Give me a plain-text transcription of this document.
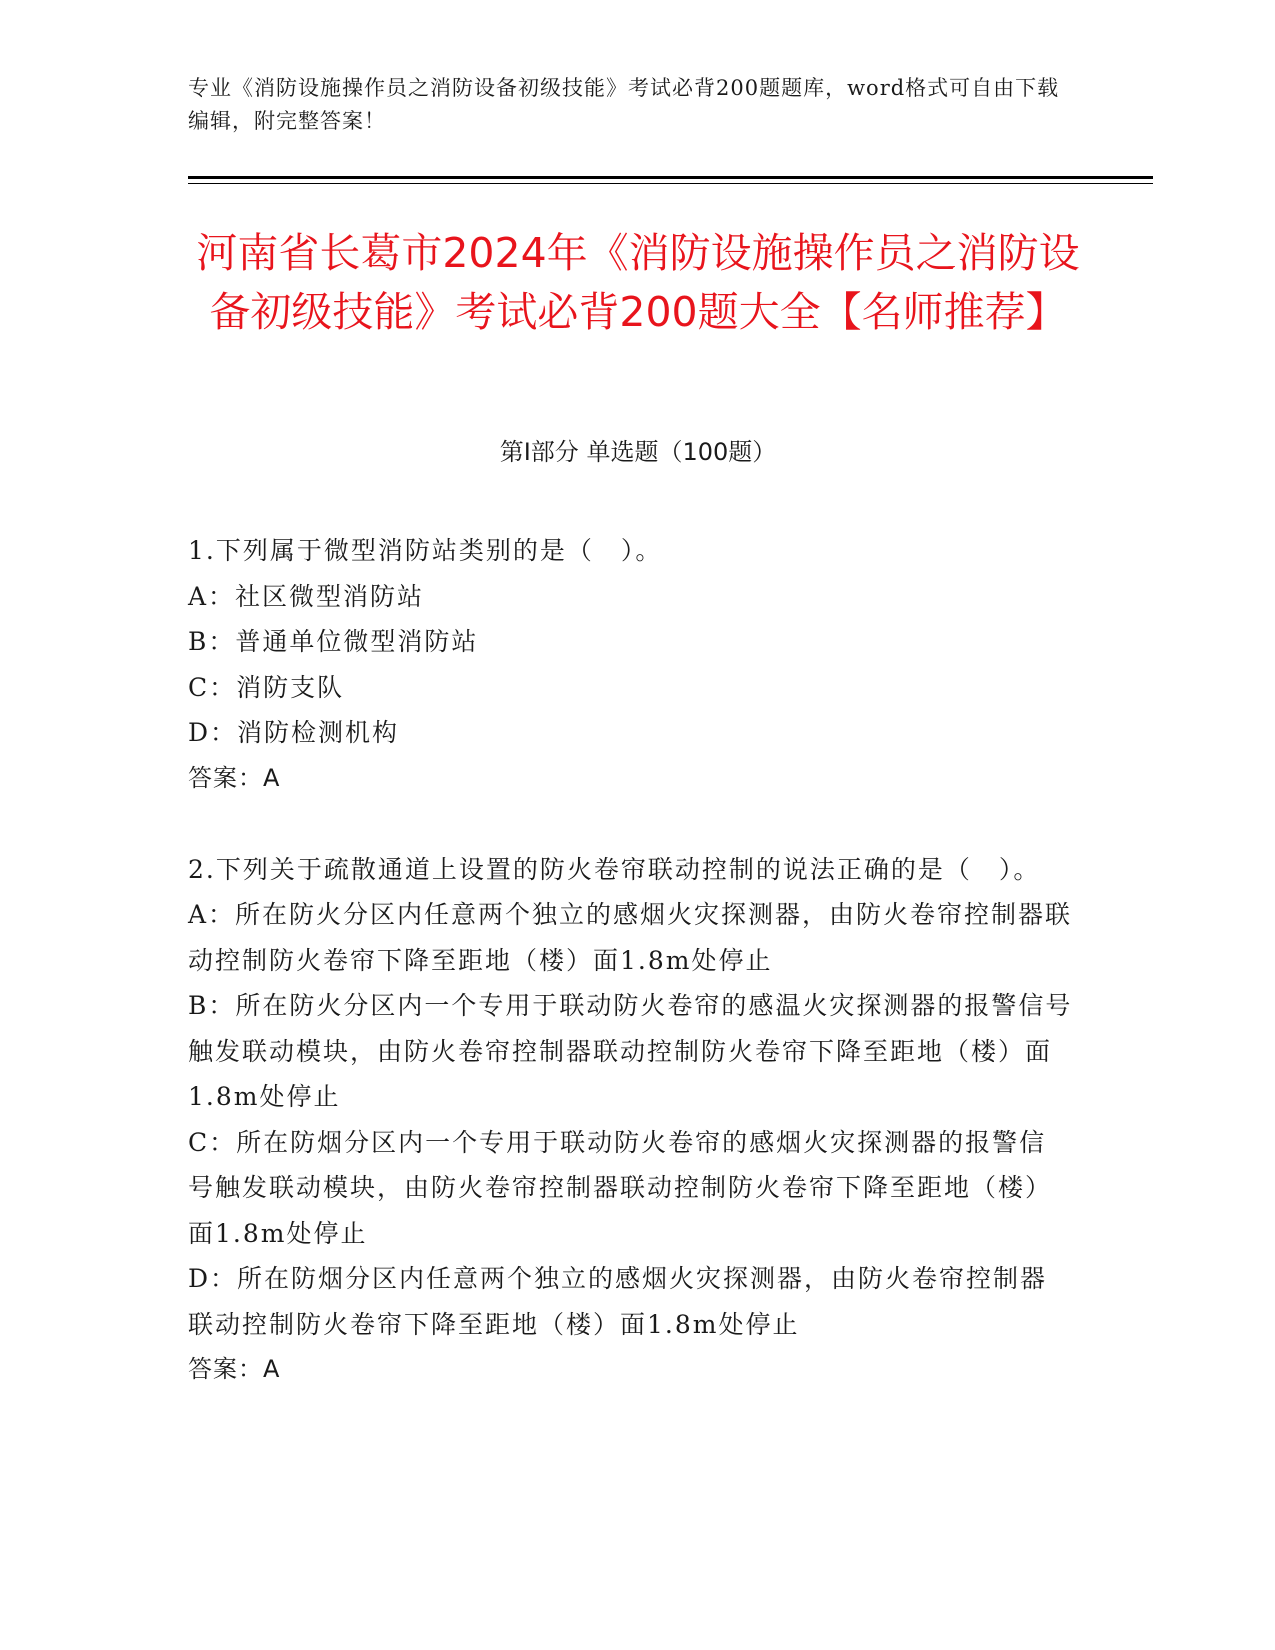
专业《消防设施操作员之消防设备初级技能》考试必背200题题库，word格式可自由下载编辑，附完整答案！
河南省长葛市2024年《消防设施操作员之消防设备初级技能》考试必背200题大全【名师推荐】
第Ⅰ部分 单选题（100题）
1.下列属于微型消防站类别的是（　）。
A：社区微型消防站
B：普通单位微型消防站
C：消防支队
D：消防检测机构
答案：A
2.下列关于疏散通道上设置的防火卷帘联动控制的说法正确的是（　）。
A：所在防火分区内任意两个独立的感烟火灾探测器，由防火卷帘控制器联动控制防火卷帘下降至距地（楼）面1.8m处停止
B：所在防火分区内一个专用于联动防火卷帘的感温火灾探测器的报警信号触发联动模块，由防火卷帘控制器联动控制防火卷帘下降至距地（楼）面1.8m处停止
C：所在防烟分区内一个专用于联动防火卷帘的感烟火灾探测器的报警信号触发联动模块，由防火卷帘控制器联动控制防火卷帘下降至距地（楼）面1.8m处停止
D：所在防烟分区内任意两个独立的感烟火灾探测器，由防火卷帘控制器联动控制防火卷帘下降至距地（楼）面1.8m处停止
答案：A
